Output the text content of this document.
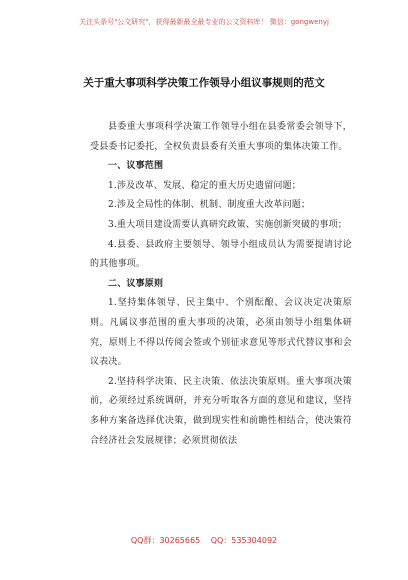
关注头条号"公文研究"，获得最新最全最专业的公文资料库！ 微信：gongwenyj
关于重大事项科学决策工作领导小组议事规则的范文

县委重大事项科学决策工作领导小组在县委常委会领导下，受县委书记委托，全权负责县委有关重大事项的集体决策工作。

一、议事范围

1.涉及改革、发展、稳定的重大历史遗留问题；

2.涉及全局性的体制、机制、制度重大改革问题；

3.重大项目建设需要认真研究政策、实施创新突破的事项；

4.县委、县政府主要领导、领导小组成员认为需要提请讨论的其他事项。

二、议事原则

1.坚持集体领导、民主集中、个别酝酿、会议决定决策原则。凡属议事范围的重大事项的决策，必须由领导小组集体研究，原则上不得以传阅会签或个别征求意见等形式代替议事和会议表决。

2.坚持科学决策、民主决策、依法决策原则。重大事项决策前，必须经过系统调研，并充分听取各方面的意见和建议，坚持多种方案备选择优决策，做到现实性和前瞻性相结合，使决策符合经济社会发展规律；必须贯彻依法

QQ群：30265665 QQ：535304092
